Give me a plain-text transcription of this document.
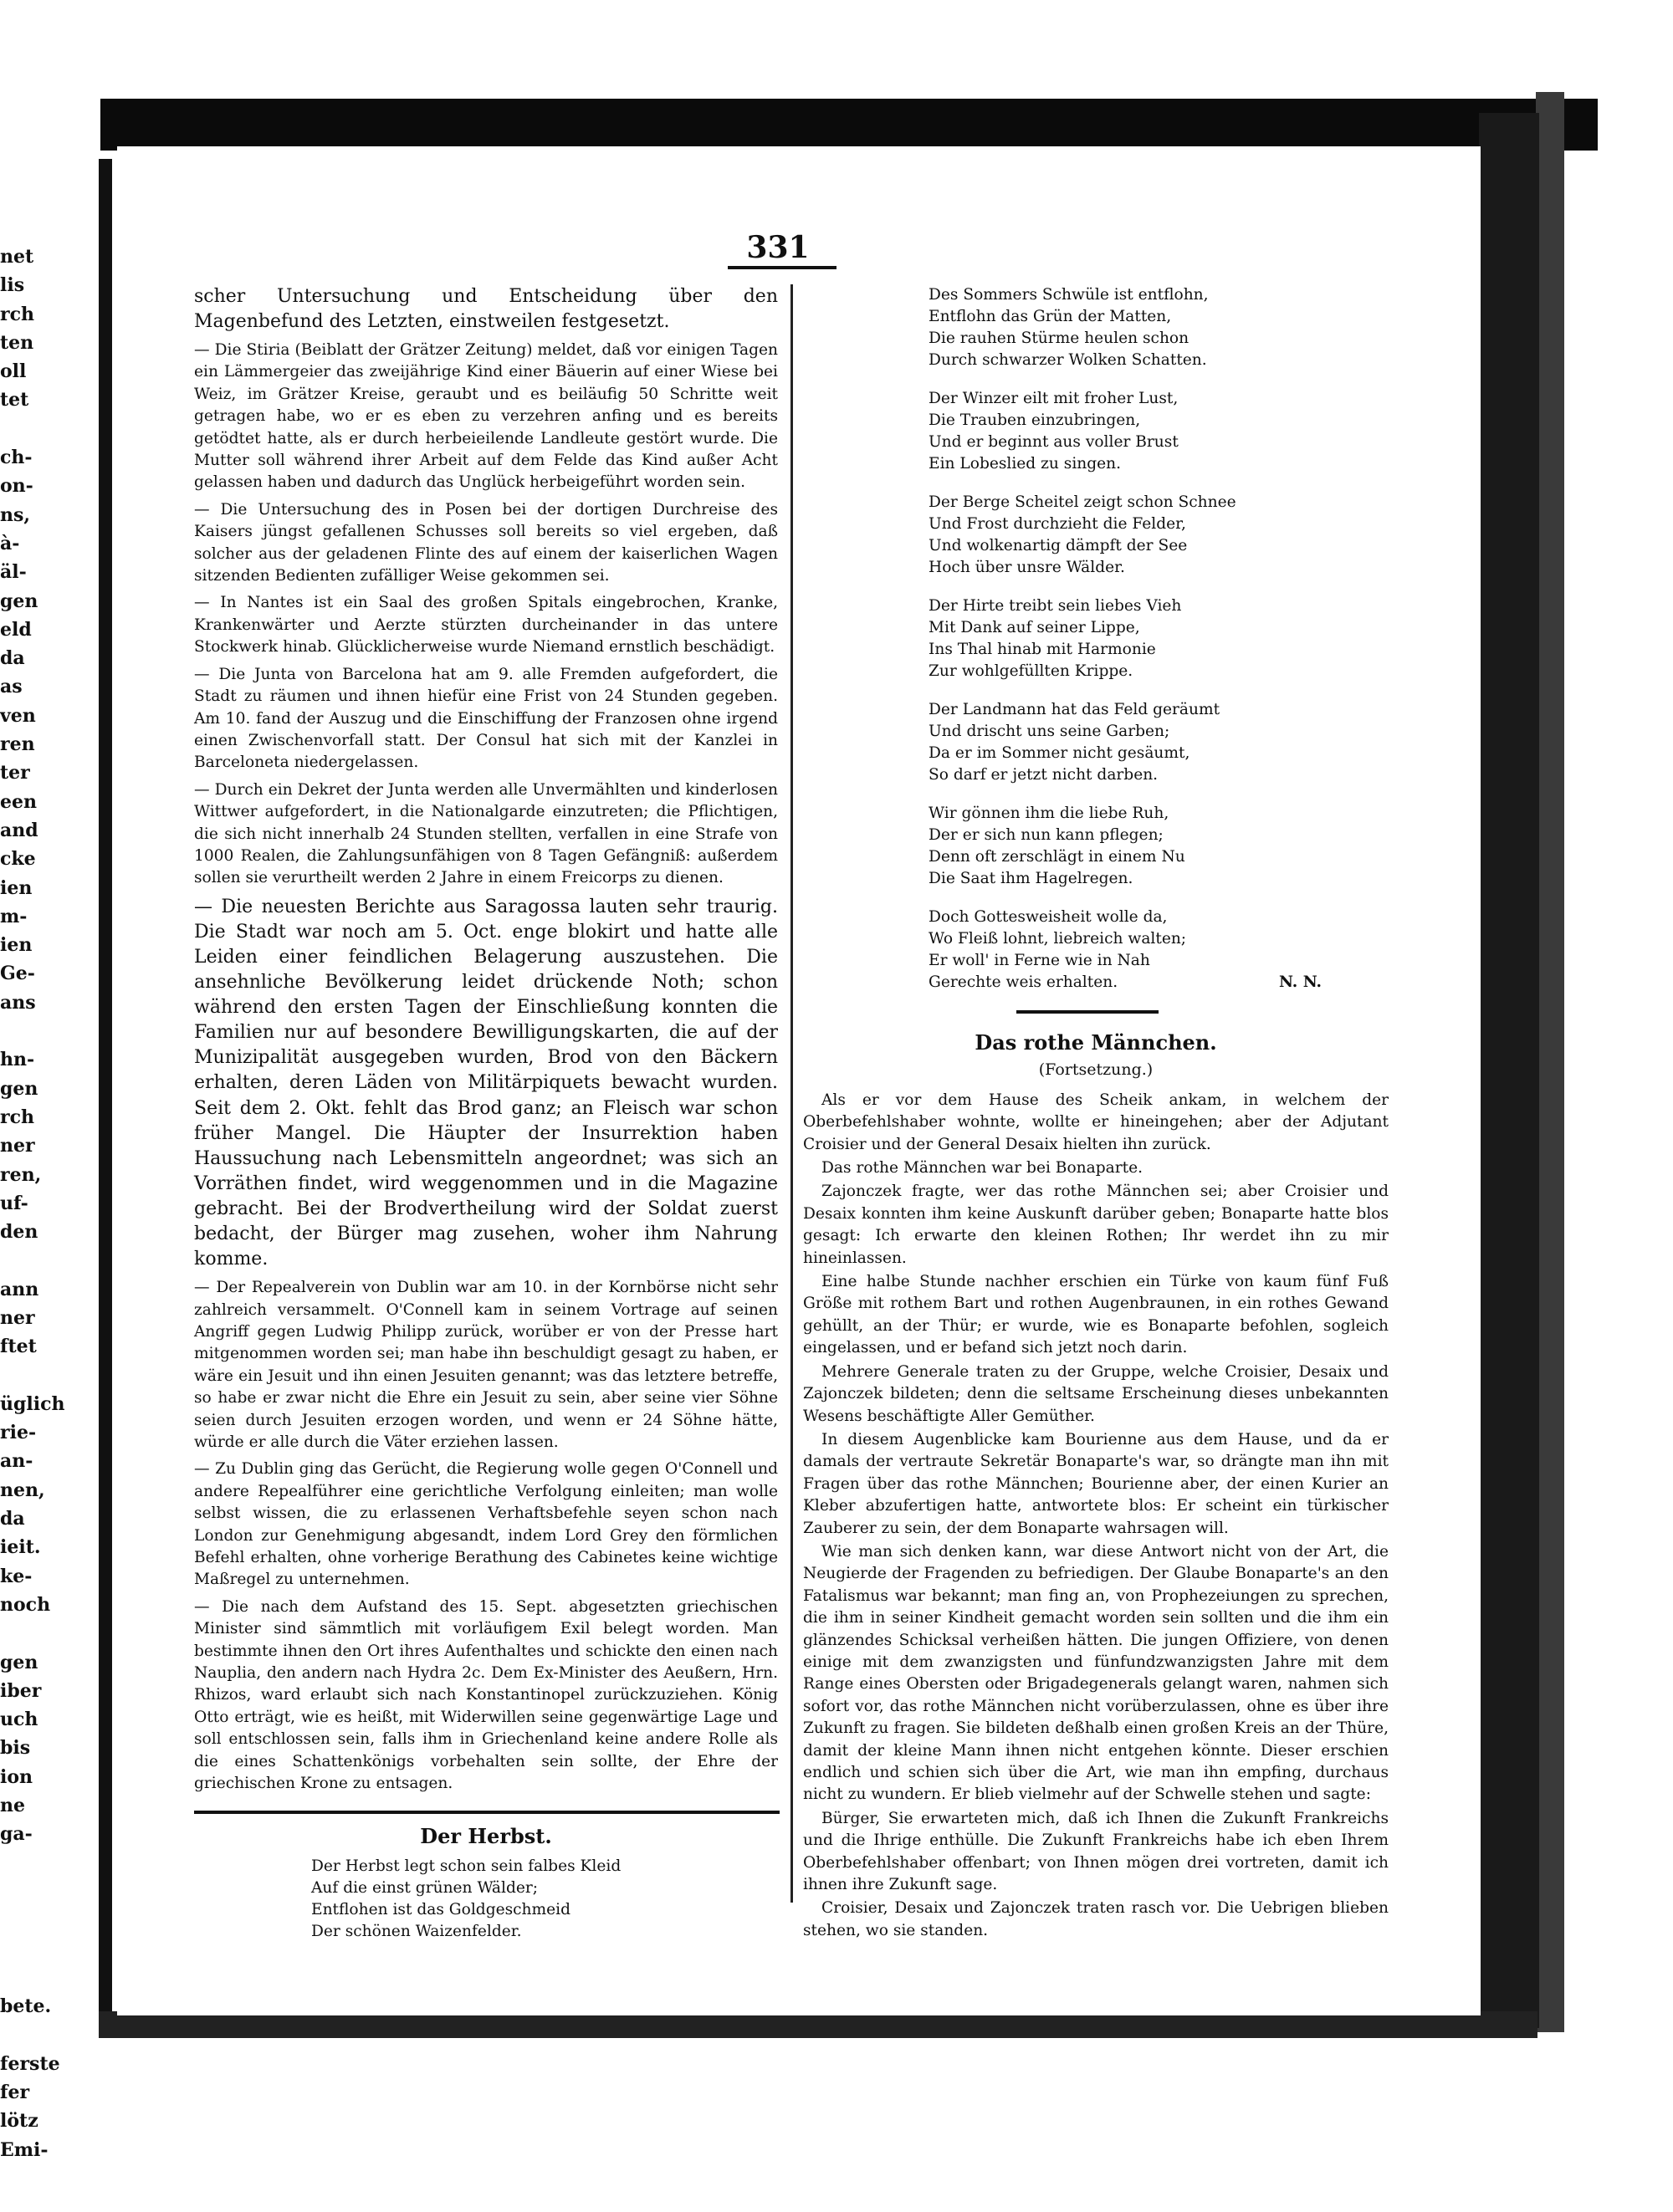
net
lis
rch
ten
oll
tet
ch-
on-
ns,
à-
äl-
gen
eld
da
as
ven
ren
ter
een
and
cke
ien
m-
ien
Ge-
ans
hn-
gen
rch
ner
ren,
uf-
den
ann
ner
ftet
üglich
rie-
an-
nen,
da
ieit.
ke-
noch
gen
iber
uch
bis
ion
ne
ga-
bete.
ferste
fer
lötz
Emi-
331

scher Untersuchung und Entscheidung über den Magenbefund des Letzten, einstweilen festgesetzt.

— Die Stiria (Beiblatt der Grätzer Zeitung) meldet, daß vor einigen Tagen ein Lämmergeier das zweijährige Kind einer Bäuerin auf einer Wiese bei Weiz, im Grätzer Kreise, geraubt und es beiläufig 50 Schritte weit getragen habe, wo er es eben zu verzehren anfing und es bereits getödtet hatte, als er durch herbeieilende Landleute gestört wurde. Die Mutter soll während ihrer Arbeit auf dem Felde das Kind außer Acht gelassen haben und dadurch das Unglück herbeigeführt worden sein.

— Die Untersuchung des in Posen bei der dortigen Durchreise des Kaisers jüngst gefallenen Schusses soll bereits so viel ergeben, daß solcher aus der geladenen Flinte des auf einem der kaiserlichen Wagen sitzenden Bedienten zufälliger Weise gekommen sei.

— In Nantes ist ein Saal des großen Spitals eingebrochen, Kranke, Krankenwärter und Aerzte stürzten durcheinander in das untere Stockwerk hinab. Glücklicherweise wurde Niemand ernstlich beschädigt.

— Die Junta von Barcelona hat am 9. alle Fremden aufgefordert, die Stadt zu räumen und ihnen hiefür eine Frist von 24 Stunden gegeben. Am 10. fand der Auszug und die Einschiffung der Franzosen ohne irgend einen Zwischenvorfall statt. Der Consul hat sich mit der Kanzlei in Barceloneta niedergelassen.

— Durch ein Dekret der Junta werden alle Unvermählten und kinderlosen Wittwer aufgefordert, in die Nationalgarde einzutreten; die Pflichtigen, die sich nicht innerhalb 24 Stunden stellten, verfallen in eine Strafe von 1000 Realen, die Zahlungsunfähigen von 8 Tagen Gefängniß: außerdem sollen sie verurtheilt werden 2 Jahre in einem Freicorps zu dienen.

— Die neuesten Berichte aus Saragossa lauten sehr traurig. Die Stadt war noch am 5. Oct. enge blokirt und hatte alle Leiden einer feindlichen Belagerung auszustehen. Die ansehnliche Bevölkerung leidet drückende Noth; schon während den ersten Tagen der Einschließung konnten die Familien nur auf besondere Bewilligungskarten, die auf der Munizipalität ausgegeben wurden, Brod von den Bäckern erhalten, deren Läden von Militärpiquets bewacht wurden. Seit dem 2. Okt. fehlt das Brod ganz; an Fleisch war schon früher Mangel. Die Häupter der Insurrektion haben Haussuchung nach Lebensmitteln angeordnet; was sich an Vorräthen findet, wird weggenommen und in die Magazine gebracht. Bei der Brodvertheilung wird der Soldat zuerst bedacht, der Bürger mag zusehen, woher ihm Nahrung komme.

— Der Repealverein von Dublin war am 10. in der Kornbörse nicht sehr zahlreich versammelt. O'Connell kam in seinem Vortrage auf seinen Angriff gegen Ludwig Philipp zurück, worüber er von der Presse hart mitgenommen worden sei; man habe ihn beschuldigt gesagt zu haben, er wäre ein Jesuit und ihn einen Jesuiten genannt; was das letztere betreffe, so habe er zwar nicht die Ehre ein Jesuit zu sein, aber seine vier Söhne seien durch Jesuiten erzogen worden, und wenn er 24 Söhne hätte, würde er alle durch die Väter erziehen lassen.

— Zu Dublin ging das Gerücht, die Regierung wolle gegen O'Connell und andere Repealführer eine gerichtliche Verfolgung einleiten; man wolle selbst wissen, die zu erlassenen Verhaftsbefehle seyen schon nach London zur Genehmigung abgesandt, indem Lord Grey den förmlichen Befehl erhalten, ohne vorherige Berathung des Cabinetes keine wichtige Maßregel zu unternehmen.

— Die nach dem Aufstand des 15. Sept. abgesetzten griechischen Minister sind sämmtlich mit vorläufigem Exil belegt worden. Man bestimmte ihnen den Ort ihres Aufenthaltes und schickte den einen nach Nauplia, den andern nach Hydra 2c. Dem Ex-Minister des Aeußern, Hrn. Rhizos, ward erlaubt sich nach Konstantinopel zurückzuziehen. König Otto erträgt, wie es heißt, mit Widerwillen seine gegenwärtige Lage und soll entschlossen sein, falls ihm in Griechenland keine andere Rolle als die eines Schattenkönigs vorbehalten sein sollte, der Ehre der griechischen Krone zu entsagen.

Der Herbst.
Der Herbst legt schon sein falbes Kleid
Auf die einst grünen Wälder;
Entflohen ist das Goldgeschmeid
Der schönen Waizenfelder.
Des Sommers Schwüle ist entflohn,
Entflohn das Grün der Matten,
Die rauhen Stürme heulen schon
Durch schwarzer Wolken Schatten.
Der Winzer eilt mit froher Lust,
Die Trauben einzubringen,
Und er beginnt aus voller Brust
Ein Lobeslied zu singen.
Der Berge Scheitel zeigt schon Schnee
Und Frost durchzieht die Felder,
Und wolkenartig dämpft der See
Hoch über unsre Wälder.
Der Hirte treibt sein liebes Vieh
Mit Dank auf seiner Lippe,
Ins Thal hinab mit Harmonie
Zur wohlgefüllten Krippe.
Der Landmann hat das Feld geräumt
Und drischt uns seine Garben;
Da er im Sommer nicht gesäumt,
So darf er jetzt nicht darben.
Wir gönnen ihm die liebe Ruh,
Der er sich nun kann pflegen;
Denn oft zerschlägt in einem Nu
Die Saat ihm Hagelregen.
Doch Gottesweisheit wolle da,
Wo Fleiß lohnt, liebreich walten;
Er woll' in Ferne wie in Nah
Gerechte weis erhalten.	N. N.
Das rothe Männchen.
(Fortsetzung.)

Als er vor dem Hause des Scheik ankam, in welchem der Oberbefehlshaber wohnte, wollte er hineingehen; aber der Adjutant Croisier und der General Desaix hielten ihn zurück.

Das rothe Männchen war bei Bonaparte.

Zajonczek fragte, wer das rothe Männchen sei; aber Croisier und Desaix konnten ihm keine Auskunft darüber geben; Bonaparte hatte blos gesagt: Ich erwarte den kleinen Rothen; Ihr werdet ihn zu mir hineinlassen.

Eine halbe Stunde nachher erschien ein Türke von kaum fünf Fuß Größe mit rothem Bart und rothen Augenbraunen, in ein rothes Gewand gehüllt, an der Thür; er wurde, wie es Bonaparte befohlen, sogleich eingelassen, und er befand sich jetzt noch darin.

Mehrere Generale traten zu der Gruppe, welche Croisier, Desaix und Zajonczek bildeten; denn die seltsame Erscheinung dieses unbekannten Wesens beschäftigte Aller Gemüther.

In diesem Augenblicke kam Bourienne aus dem Hause, und da er damals der vertraute Sekretär Bonaparte's war, so drängte man ihn mit Fragen über das rothe Männchen; Bourienne aber, der einen Kurier an Kleber abzufertigen hatte, antwortete blos: Er scheint ein türkischer Zauberer zu sein, der dem Bonaparte wahrsagen will.

Wie man sich denken kann, war diese Antwort nicht von der Art, die Neugierde der Fragenden zu befriedigen. Der Glaube Bonaparte's an den Fatalismus war bekannt; man fing an, von Prophezeiungen zu sprechen, die ihm in seiner Kindheit gemacht worden sein sollten und die ihm ein glänzendes Schicksal verheißen hätten. Die jungen Offiziere, von denen einige mit dem zwanzigsten und fünfundzwanzigsten Jahre mit dem Range eines Obersten oder Brigadegenerals gelangt waren, nahmen sich sofort vor, das rothe Männchen nicht vorüberzulassen, ohne es über ihre Zukunft zu fragen. Sie bildeten deßhalb einen großen Kreis an der Thüre, damit der kleine Mann ihnen nicht entgehen könnte. Dieser erschien endlich und schien sich über die Art, wie man ihn empfing, durchaus nicht zu wundern. Er blieb vielmehr auf der Schwelle stehen und sagte:

Bürger, Sie erwarteten mich, daß ich Ihnen die Zukunft Frankreichs und die Ihrige enthülle. Die Zukunft Frankreichs habe ich eben Ihrem Oberbefehlshaber offenbart; von Ihnen mögen drei vortreten, damit ich ihnen ihre Zukunft sage.

Croisier, Desaix und Zajonczek traten rasch vor. Die Uebrigen blieben stehen, wo sie standen.
